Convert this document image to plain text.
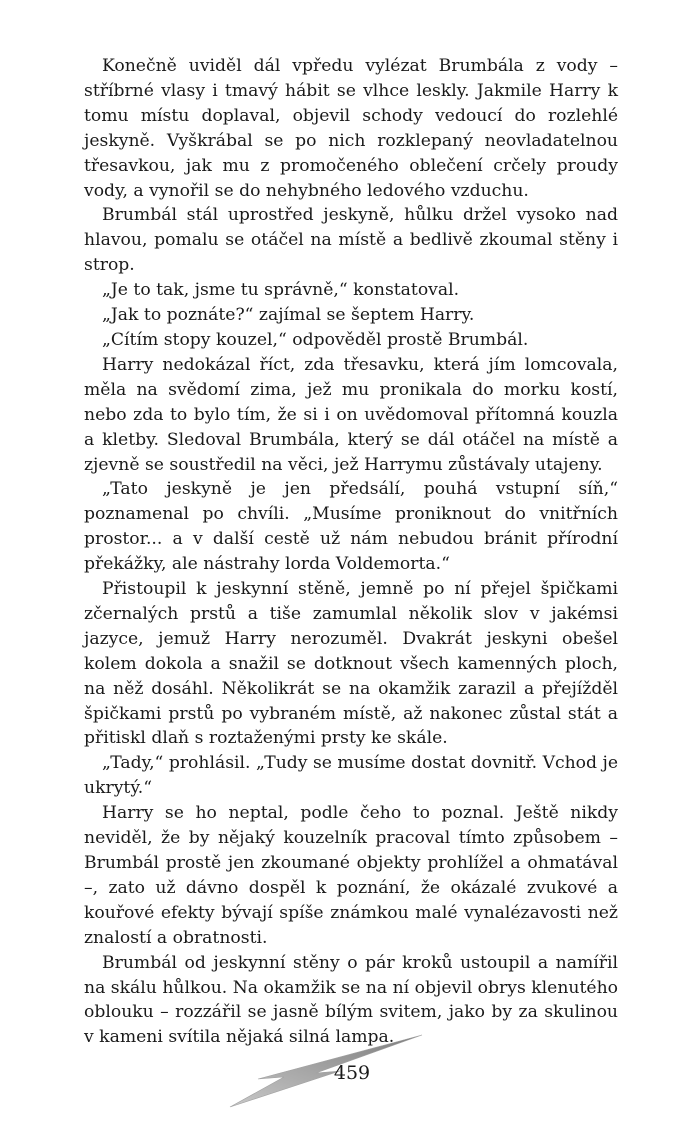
Konečně uviděl dál vpředu vylézat Brumbála z vody – stříbrné vlasy i tmavý hábit se vlhce leskly. Jakmile Harry k tomu místu doplaval, objevil schody vedoucí do rozlehlé jeskyně. Vyškrábal se po nich rozklepaný neovladatelnou třesavkou, jak mu z promočeného oblečení crčely proudy vody, a vynořil se do nehybného ledového vzduchu.

Brumbál stál uprostřed jeskyně, hůlku držel vysoko nad hlavou, pomalu se otáčel na místě a bedlivě zkoumal stěny i strop.

„Je to tak, jsme tu správně,“ konstatoval.

„Jak to poznáte?“ zajímal se šeptem Harry.

„Cítím stopy kouzel,“ odpověděl prostě Brumbál.

Harry nedokázal říct, zda třesavku, která jím lomcovala, měla na svědomí zima, jež mu pronikala do morku kostí, nebo zda to bylo tím, že si i on uvědomoval přítomná kouzla a kletby. Sledoval Brumbála, který se dál otáčel na místě a zjevně se soustředil na věci, jež Harrymu zůstávaly utajeny.

„Tato jeskyně je jen předsálí, pouhá vstupní síň,“ poznamenal po chvíli. „Musíme proniknout do vnitřních prostor... a v další cestě už nám nebudou bránit přírodní překážky, ale nástrahy lorda Voldemorta.“

Přistoupil k jeskynní stěně, jemně po ní přejel špičkami zčernalých prstů a tiše zamumlal několik slov v jakémsi jazyce, jemuž Harry nerozuměl. Dvakrát jeskyni obešel kolem dokola a snažil se dotknout všech kamenných ploch, na něž dosáhl. Několikrát se na okamžik zarazil a přejížděl špičkami prstů po vybraném místě, až nakonec zůstal stát a přitiskl dlaň s roztaženými prsty ke skále.

„Tady,“ prohlásil. „Tudy se musíme dostat dovnitř. Vchod je ukrytý.“

Harry se ho neptal, podle čeho to poznal. Ještě nikdy neviděl, že by nějaký kouzelník pracoval tímto způsobem – Brumbál prostě jen zkoumané objekty prohlížel a ohmatával –, zato už dávno dospěl k poznání, že okázalé zvukové a kouřové efekty bývají spíše známkou malé vynalézavosti než znalostí a obratnosti.

Brumbál od jeskynní stěny o pár kroků ustoupil a namířil na skálu hůlkou. Na okamžik se na ní objevil obrys klenutého oblouku – rozzářil se jasně bílým svitem, jako by za skulinou v kameni svítila nějaká silná lampa.

459
